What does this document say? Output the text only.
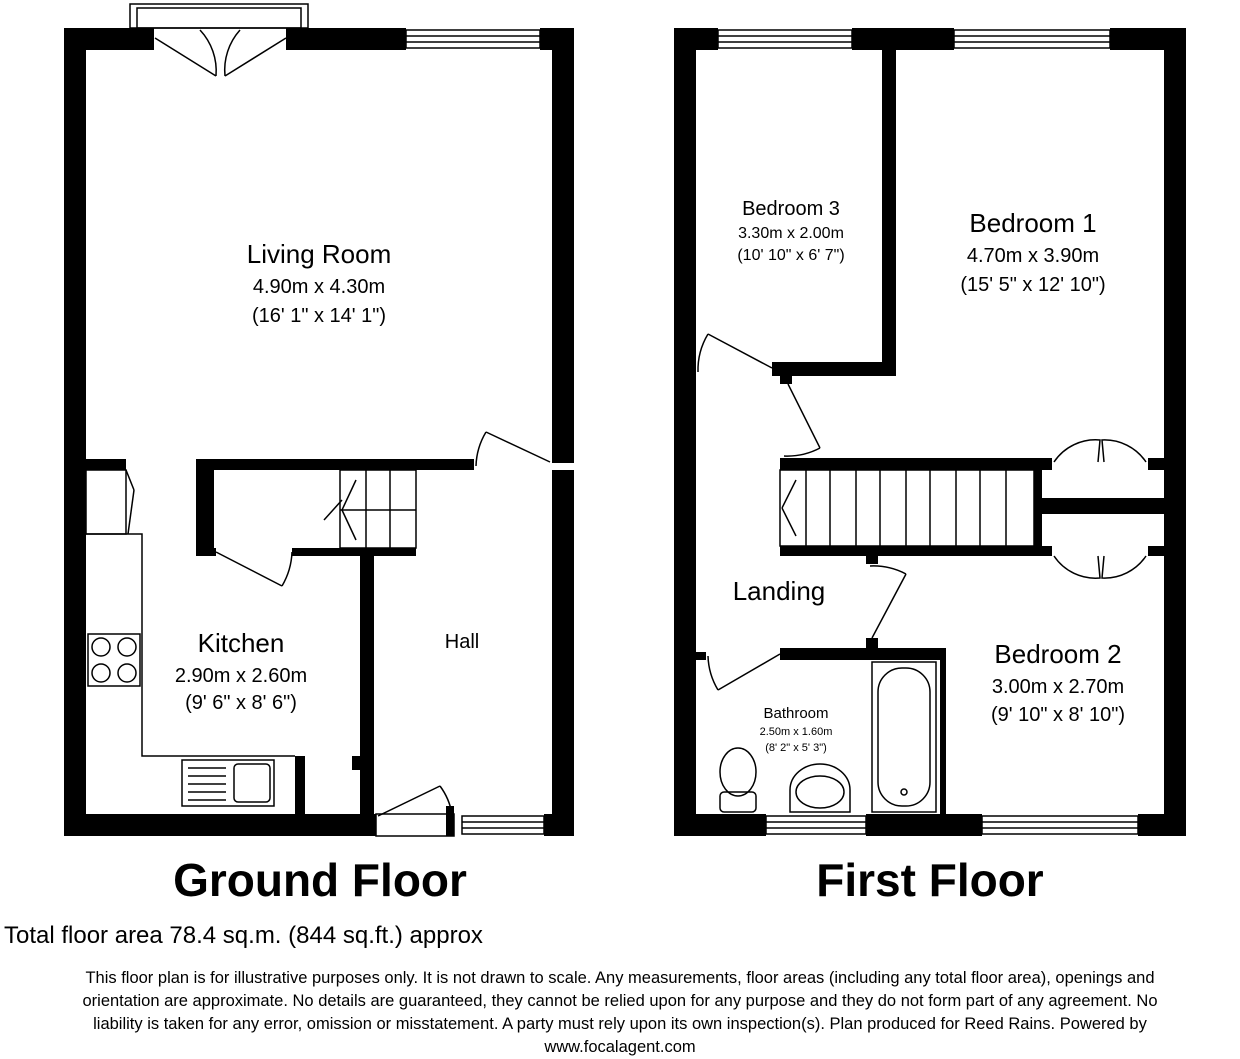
Living Room
4.90m x 4.30m
(16' 1" x 14' 1")
Kitchen
2.90m x 2.60m
(9' 6" x 8' 6")
Hall
Bedroom 3
3.30m x 2.00m
(10' 10" x 6' 7")
Bedroom 1
4.70m x 3.90m
(15' 5" x 12' 10")
Landing
Bedroom 2
3.00m x 2.70m
(9' 10" x 8' 10")
Bathroom
2.50m x 1.60m
(8' 2" x 5' 3")
Ground Floor	First Floor
Total floor area 78.4 sq.m. (844 sq.ft.) approx
This floor plan is for illustrative purposes only. It is not drawn to scale. Any measurements, floor areas (including any total floor area), openings and
orientation are approximate. No details are guaranteed, they cannot be relied upon for any purpose and they do not form part of any agreement. No
liability is taken for any error, omission or misstatement. A party must rely upon its own inspection(s). Plan produced for Reed Rains. Powered by
www.focalagent.com
